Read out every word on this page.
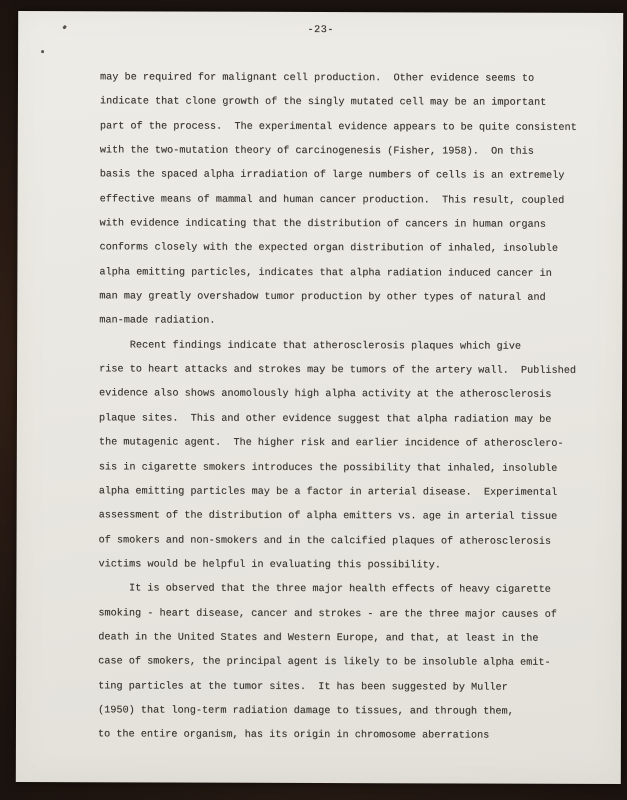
-23-

may be required for malignant cell production.  Other evidence seems to
indicate that clone growth of the singly mutated cell may be an important
part of the process.  The experimental evidence appears to be quite consistent
with the two-mutation theory of carcinogenesis (Fisher, 1958).  On this
basis the spaced alpha irradiation of large numbers of cells is an extremely
effective means of mammal and human cancer production.  This result, coupled
with evidence indicating that the distribution of cancers in human organs
conforms closely with the expected organ distribution of inhaled, insoluble
alpha emitting particles, indicates that alpha radiation induced cancer in
man may greatly overshadow tumor production by other types of natural and
man-made radiation.

Recent findings indicate that atherosclerosis plaques which give
rise to heart attacks and strokes may be tumors of the artery wall.  Published
evidence also shows anomolously high alpha activity at the atherosclerosis
plaque sites.  This and other evidence suggest that alpha radiation may be
the mutagenic agent.  The higher risk and earlier incidence of atherosclero-
sis in cigarette smokers introduces the possibility that inhaled, insoluble
alpha emitting particles may be a factor in arterial disease.  Experimental
assessment of the distribution of alpha emitters vs. age in arterial tissue
of smokers and non-smokers and in the calcified plaques of atherosclerosis
victims would be helpful in evaluating this possibility.

It is observed that the three major health effects of heavy cigarette
smoking - heart disease, cancer and strokes - are the three major causes of
death in the United States and Western Europe, and that, at least in the
case of smokers, the principal agent is likely to be insoluble alpha emit-
ting particles at the tumor sites.  It has been suggested by Muller
(1950) that long-term radiation damage to tissues, and through them,
to the entire organism, has its origin in chromosome aberrations
